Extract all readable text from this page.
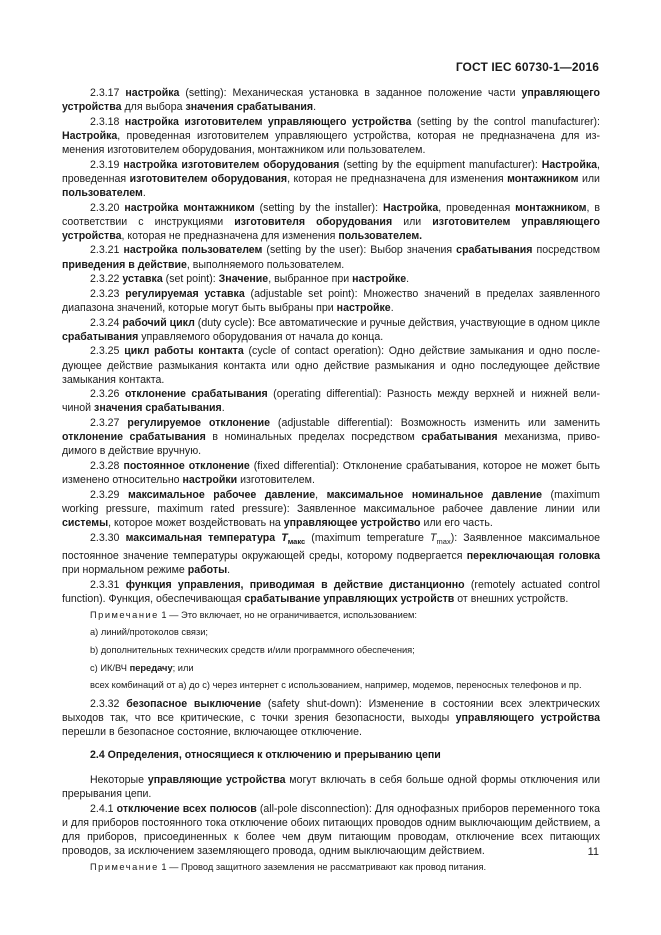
ГОСТ IEC 60730-1—2016

2.3.17 настройка (setting): Механическая установка в заданное положение части управляющего устройства для выбора значения срабатывания.

2.3.18 настройка изготовителем управляющего устройства (setting by the control manufacturer): Настройка, проведенная изготовителем управляющего устройства, которая не предназначена для изменения изготовителем оборудования, монтажником или пользователем.

2.3.19 настройка изготовителем оборудования (setting by the equipment manufacturer): Настройка, проведенная изготовителем оборудования, которая не предназначена для изменения монтажником или пользователем.

2.3.20 настройка монтажником (setting by the installer): Настройка, проведенная монтажником, в соответствии с инструкциями изготовителя оборудования или изготовителем управляющего устройства, которая не предназначена для изменения пользователем.

2.3.21 настройка пользователем (setting by the user): Выбор значения срабатывания посредством приведения в действие, выполняемого пользователем.

2.3.22 уставка (set point): Значение, выбранное при настройке.

2.3.23 регулируемая уставка (adjustable set point): Множество значений в пределах заявленного диапазона значений, которые могут быть выбраны при настройке.

2.3.24 рабочий цикл (duty cycle): Все автоматические и ручные действия, участвующие в одном цикле срабатывания управляемого оборудования от начала до конца.

2.3.25 цикл работы контакта (cycle of contact operation): Одно действие замыкания и одно последующее действие размыкания контакта или одно действие размыкания и одно последующее действие замыкания контакта.

2.3.26 отклонение срабатывания (operating differential): Разность между верхней и нижней величиной значения срабатывания.

2.3.27 регулируемое отклонение (adjustable differential): Возможность изменить или заменить отклонение срабатывания в номинальных пределах посредством срабатывания механизма, приводимого в действие вручную.

2.3.28 постоянное отклонение (fixed differential): Отклонение срабатывания, которое не может быть изменено относительно настройки изготовителем.

2.3.29 максимальное рабочее давление, максимальное номинальное давление (maximum working pressure, maximum rated pressure): Заявленное максимальное рабочее давление линии или системы, которое может воздействовать на управляющее устройство или его часть.

2.3.30 максимальная температура $T_{макс}$ (maximum temperature $T_{max}$): Заявленное максимальное постоянное значение температуры окружающей среды, которому подвергается переключающая головка при нормальном режиме работы.

2.3.31 функция управления, приводимая в действие дистанционно (remotely actuated control function). Функция, обеспечивающая срабатывание управляющих устройств от внешних устройств.

Примечание 1 — Это включает, но не ограничивается, использованием:

a) линий/протоколов связи;

b) дополнительных технических средств и/или программного обеспечения;

c) ИК/ВЧ передачу; или

всех комбинаций от a) до c) через интернет с использованием, например, модемов, переносных телефонов и пр.

2.3.32 безопасное выключение (safety shut-down): Изменение в состоянии всех электрических выходов так, что все критические, с точки зрения безопасности, выходы управляющего устройства перешли в безопасное состояние, включающее отключение.

2.4 Определения, относящиеся к отключению и прерыванию цепи

Некоторые управляющие устройства могут включать в себя больше одной формы отключения или прерывания цепи.

2.4.1 отключение всех полюсов (all-pole disconnection): Для однофазных приборов переменного тока и для приборов постоянного тока отключение обоих питающих проводов одним выключающим действием, а для приборов, присоединенных к более чем двум питающим проводам, отключение всех питающих проводов, за исключением заземляющего провода, одним выключающим действием.

Примечание 1 — Провод защитного заземления не рассматривают как провод питания.

11
